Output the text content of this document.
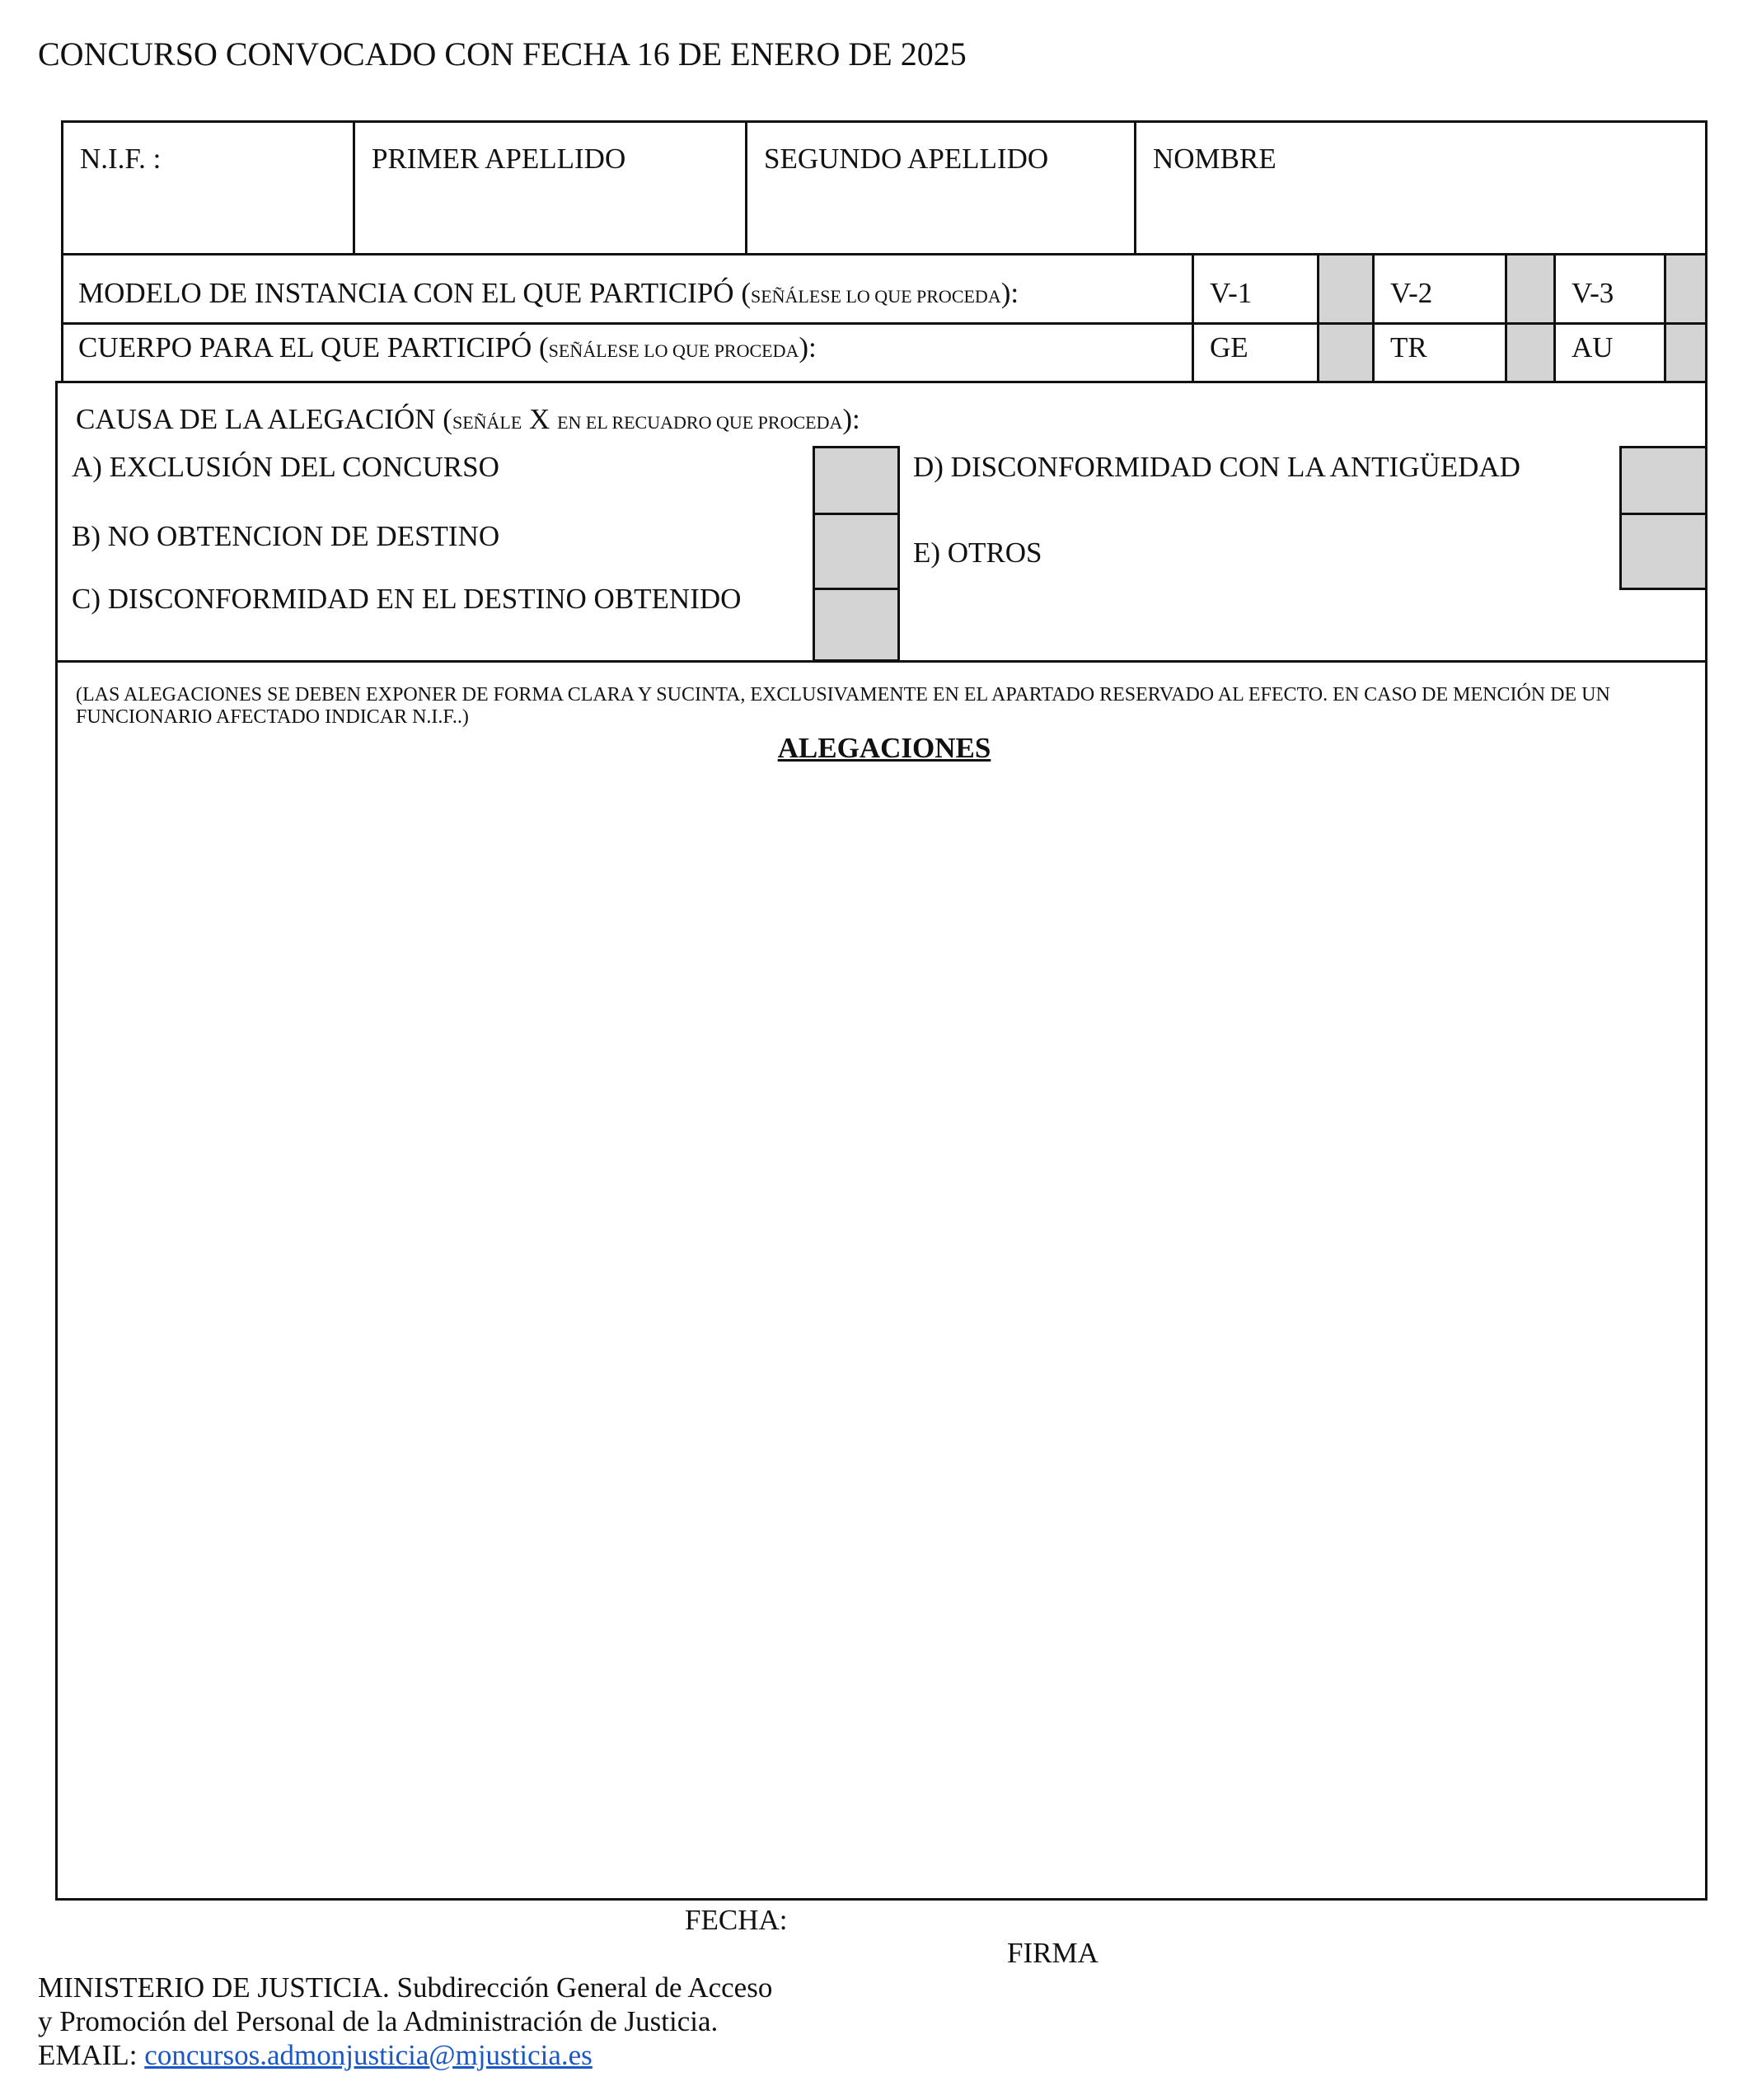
CONCURSO CONVOCADO CON FECHA 16 DE ENERO DE 2025
N.I.F. :	PRIMER APELLIDO	SEGUNDO APELLIDO	NOMBRE
MODELO DE INSTANCIA CON EL QUE PARTICIPÓ (SEÑÁLESE LO QUE PROCEDA):	V-1	V-2	V-3
CUERPO PARA EL QUE PARTICIPÓ (SEÑÁLESE LO QUE PROCEDA):	GE	TR	AU
CAUSA DE LA ALEGACIÓN (SEÑÁLE X EN EL RECUADRO QUE PROCEDA):
A) EXCLUSIÓN DEL CONCURSO
B) NO OBTENCION DE DESTINO
C) DISCONFORMIDAD EN EL DESTINO OBTENIDO
D) DISCONFORMIDAD CON LA ANTIGÜEDAD
E) OTROS
(LAS ALEGACIONES SE DEBEN EXPONER DE FORMA CLARA Y SUCINTA, EXCLUSIVAMENTE EN EL APARTADO RESERVADO AL EFECTO. EN CASO DE MENCIÓN DE UN FUNCIONARIO AFECTADO INDICAR N.I.F..)
ALEGACIONES
FECHA:
FIRMA
MINISTERIO DE JUSTICIA. Subdirección General de Acceso
y Promoción del Personal de la Administración de Justicia.
EMAIL: concursos.admonjusticia@mjusticia.es
